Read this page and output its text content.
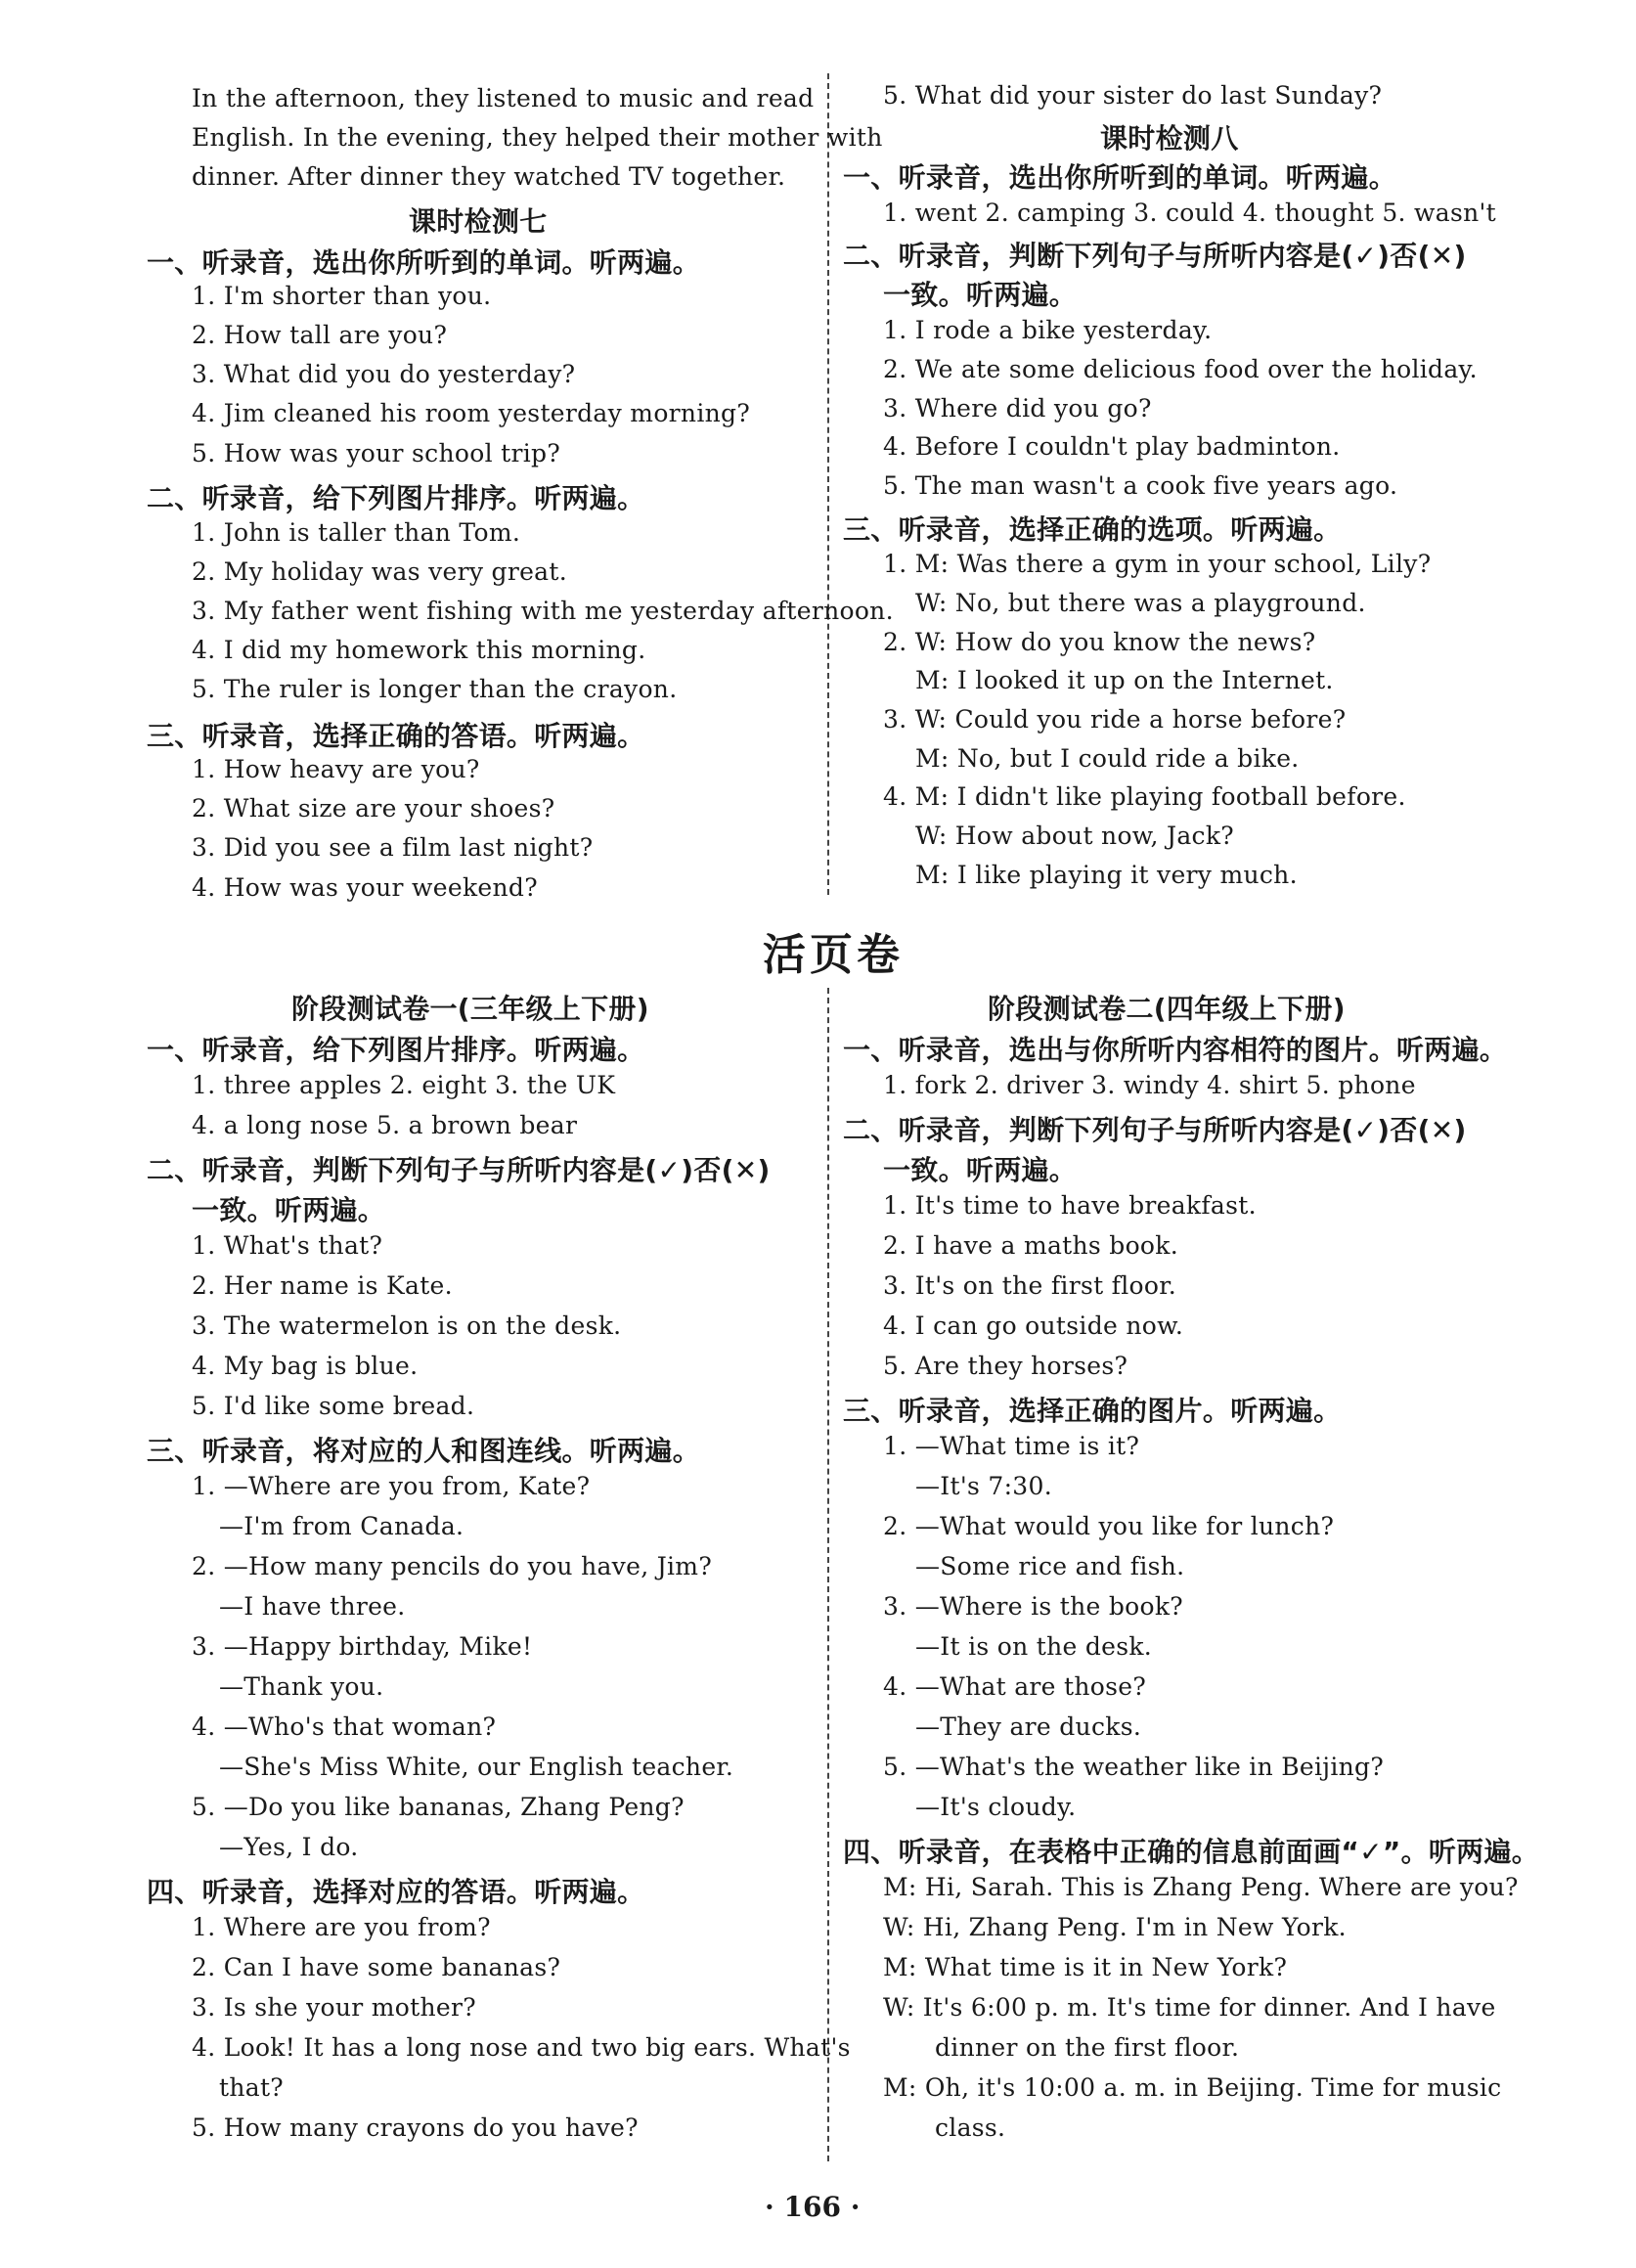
活页卷
In the afternoon, they listened to music and read
English. In the evening, they helped their mother with
dinner. After dinner they watched TV together.
课时检测七
一、听录音，选出你所听到的单词。听两遍。
1. I'm shorter than you.
2. How tall are you?
3. What did you do yesterday?
4. Jim cleaned his room yesterday morning?
5. How was your school trip?
二、听录音，给下列图片排序。听两遍。
1. John is taller than Tom.
2. My holiday was very great.
3. My father went fishing with me yesterday afternoon.
4. I did my homework this morning.
5. The ruler is longer than the crayon.
三、听录音，选择正确的答语。听两遍。
1. How heavy are you?
2. What size are your shoes?
3. Did you see a film last night?
4. How was your weekend?
5. What did your sister do last Sunday?
课时检测八
一、听录音，选出你所听到的单词。听两遍。
1. went 2. camping 3. could 4. thought 5. wasn't
二、听录音，判断下列句子与所听内容是(✓)否(✕)
一致。听两遍。
1. I rode a bike yesterday.
2. We ate some delicious food over the holiday.
3. Where did you go?
4. Before I couldn't play badminton.
5. The man wasn't a cook five years ago.
三、听录音，选择正确的选项。听两遍。
1. M: Was there a gym in your school, Lily?
W: No, but there was a playground.
2. W: How do you know the news?
M: I looked it up on the Internet.
3. W: Could you ride a horse before?
M: No, but I could ride a bike.
4. M: I didn't like playing football before.
W: How about now, Jack?
M: I like playing it very much.
阶段测试卷一(三年级上下册)
一、听录音，给下列图片排序。听两遍。
1. three apples 2. eight 3. the UK
4. a long nose 5. a brown bear
二、听录音，判断下列句子与所听内容是(✓)否(✕)
一致。听两遍。
1. What's that?
2. Her name is Kate.
3. The watermelon is on the desk.
4. My bag is blue.
5. I'd like some bread.
三、听录音，将对应的人和图连线。听两遍。
1. —Where are you from, Kate?
—I'm from Canada.
2. —How many pencils do you have, Jim?
—I have three.
3. —Happy birthday, Mike!
—Thank you.
4. —Who's that woman?
—She's Miss White, our English teacher.
5. —Do you like bananas, Zhang Peng?
—Yes, I do.
四、听录音，选择对应的答语。听两遍。
1. Where are you from?
2. Can I have some bananas?
3. Is she your mother?
4. Look! It has a long nose and two big ears. What's
that?
5. How many crayons do you have?
阶段测试卷二(四年级上下册)
一、听录音，选出与你所听内容相符的图片。听两遍。
1. fork 2. driver 3. windy 4. shirt 5. phone
二、听录音，判断下列句子与所听内容是(✓)否(✕)
一致。听两遍。
1. It's time to have breakfast.
2. I have a maths book.
3. It's on the first floor.
4. I can go outside now.
5. Are they horses?
三、听录音，选择正确的图片。听两遍。
1. —What time is it?
—It's 7:30.
2. —What would you like for lunch?
—Some rice and fish.
3. —Where is the book?
—It is on the desk.
4. —What are those?
—They are ducks.
5. —What's the weather like in Beijing?
—It's cloudy.
四、听录音，在表格中正确的信息前面画“✓”。听两遍。
M: Hi, Sarah. This is Zhang Peng. Where are you?
W: Hi, Zhang Peng. I'm in New York.
M: What time is it in New York?
W: It's 6:00 p. m. It's time for dinner. And I have
dinner on the first floor.
M: Oh, it's 10:00 a. m. in Beijing. Time for music
class.
· 166 ·
